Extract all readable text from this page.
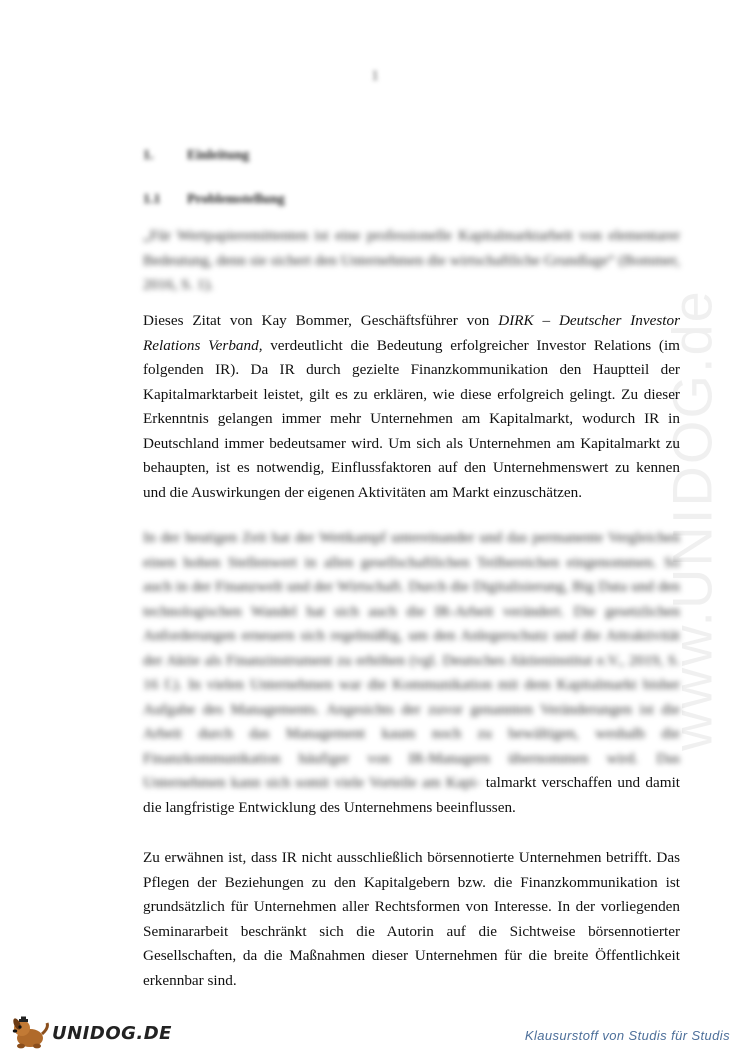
1
1. Einleitung
1.1 Problemstellung
„Für Wertpapieremittenten ist eine professionelle Kapitalmarktarbeit von elementarer Bedeutung, denn sie sichert den Unternehmen die wirtschaftliche Grundlage“ (Bommer, 2016, S. 1).
Dieses Zitat von Kay Bommer, Geschäftsführer von DIRK – Deutscher Investor Relations Verband, verdeutlicht die Bedeutung erfolgreicher Investor Relations (im folgenden IR). Da IR durch gezielte Finanzkommunikation den Hauptteil der Kapitalmarktarbeit leistet, gilt es zu erklären, wie diese erfolgreich gelingt. Zu dieser Erkenntnis gelangen immer mehr Unternehmen am Kapitalmarkt, wodurch IR in Deutschland immer bedeutsamer wird. Um sich als Unternehmen am Kapitalmarkt zu behaupten, ist es notwendig, Einflussfaktoren auf den Unternehmenswert zu kennen und die Auswirkungen der eigenen Aktivitäten am Markt einzuschätzen.
In der heutigen Zeit hat der Wettkampf untereinander und das permanente Vergleichen einen hohen Stellenwert in allen gesellschaftlichen Teilbereichen eingenommen. So auch in der Finanzwelt und der Wirtschaft. Durch die Digitalisierung, Big Data und den technologischen Wandel hat sich auch die IR-Arbeit verändert. Die gesetzlichen Anforderungen erneuern sich regelmäßig, um den Anlegerschutz und die Attraktivität der Aktie als Finanzinstrument zu erhöhen (vgl. Deutsches Aktieninstitut e.V., 2019, S. 16 f.). In vielen Unternehmen war die Kommunikation mit dem Kapitalmarkt bisher Aufgabe des Managements. Angesichts der zuvor genannten Veränderungen ist die Arbeit durch das Management kaum noch zu bewältigen, weshalb die Finanzkommunikation häufiger von IR-Managern übernommen wird. Das Unternehmen kann sich somit viele Vorteile am Kapi- talmarkt verschaffen und damit die langfristige Entwicklung des Unternehmens beeinflussen.
Zu erwähnen ist, dass IR nicht ausschließlich börsennotierte Unternehmen betrifft. Das Pflegen der Beziehungen zu den Kapitalgebern bzw. die Finanzkommunikation ist grundsätzlich für Unternehmen aller Rechtsformen von Interesse. In der vorliegenden Seminararbeit beschränkt sich die Autorin auf die Sichtweise börsennotierter Gesellschaften, da die Maßnahmen dieser Unternehmen für die breite Öffentlichkeit erkennbar sind.
www.UNIDOG.de
UNIDOG.DE	Klausurstoff von Studis für Studis
